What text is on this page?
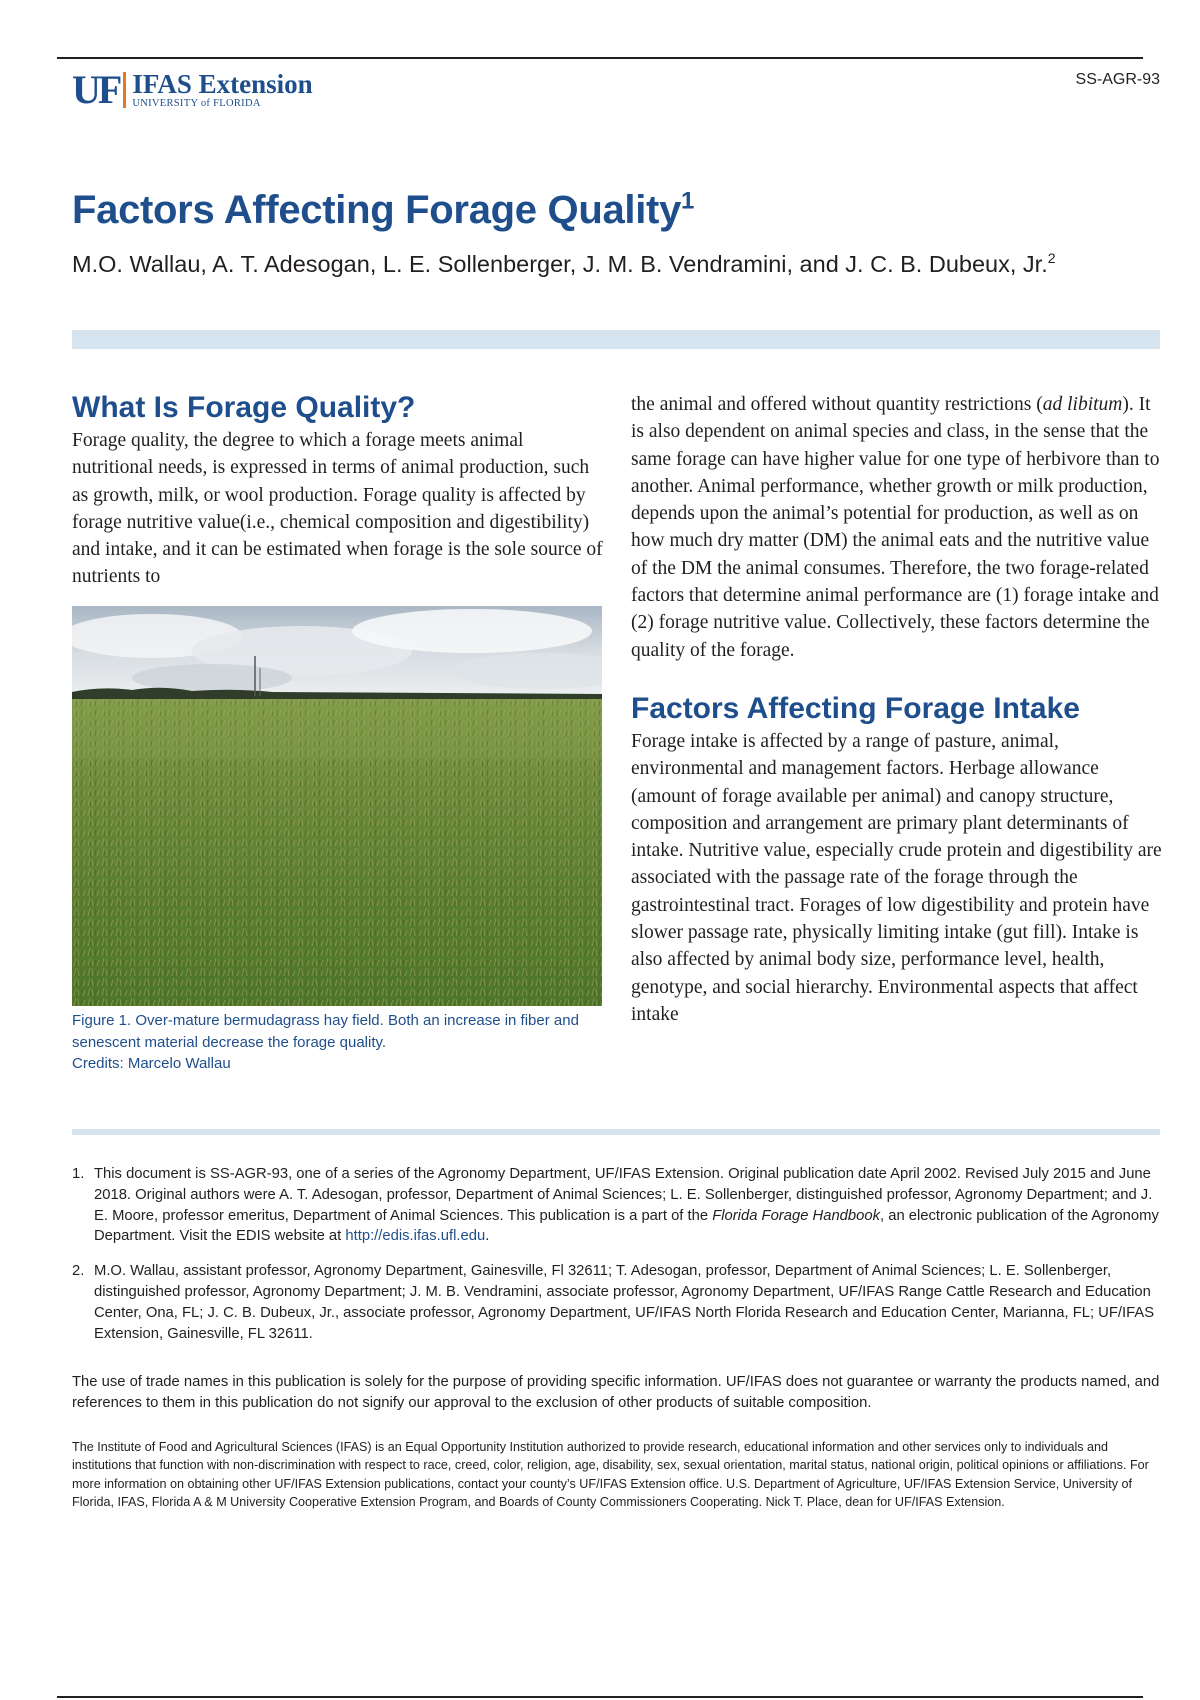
UF IFAS Extension
UNIVERSITY of FLORIDA
SS-AGR-93
Factors Affecting Forage Quality$^1$
M.O. Wallau, A. T. Adesogan, L. E. Sollenberger, J. M. B. Vendramini, and J. C. B. Dubeux, Jr.$^2$
What Is Forage Quality?

Forage quality, the degree to which a forage meets animal nutritional needs, is expressed in terms of animal production, such as growth, milk, or wool production. Forage quality is affected by forage nutritive value(i.e., chemical composition and digestibility) and intake, and it can be estimated when forage is the sole source of nutrients to

Figure 1. Over-mature bermudagrass hay field. Both an increase in fiber and senescent material decrease the forage quality.
Credits: Marcelo Wallau

the animal and offered without quantity restrictions (ad libitum). It is also dependent on animal species and class, in the sense that the same forage can have higher value for one type of herbivore than to another. Animal performance, whether growth or milk production, depends upon the animal’s potential for production, as well as on how much dry matter (DM) the animal eats and the nutritive value of the DM the animal consumes. Therefore, the two forage-related factors that determine animal performance are (1) forage intake and (2) forage nutritive value. Collectively, these factors determine the quality of the forage.

Factors Affecting Forage Intake

Forage intake is affected by a range of pasture, animal, environmental and management factors. Herbage allowance (amount of forage available per animal) and canopy structure, composition and arrangement are primary plant determinants of intake. Nutritive value, especially crude protein and digestibility are associated with the passage rate of the forage through the gastrointestinal tract. Forages of low digestibility and protein have slower passage rate, physically limiting intake (gut fill). Intake is also affected by animal body size, performance level, health, genotype, and social hierarchy. Environmental aspects that affect intake

1. This document is SS-AGR-93, one of a series of the Agronomy Department, UF/IFAS Extension. Original publication date April 2002. Revised July 2015 and June 2018. Original authors were A. T. Adesogan, professor, Department of Animal Sciences; L. E. Sollenberger, distinguished professor, Agronomy Department; and J. E. Moore, professor emeritus, Department of Animal Sciences. This publication is a part of the Florida Forage Handbook, an electronic publication of the Agronomy Department. Visit the EDIS website at http://edis.ifas.ufl.edu.
2. M.O. Wallau, assistant professor, Agronomy Department, Gainesville, Fl 32611; T. Adesogan, professor, Department of Animal Sciences; L. E. Sollenberger, distinguished professor, Agronomy Department; J. M. B. Vendramini, associate professor, Agronomy Department, UF/IFAS Range Cattle Research and Education Center, Ona, FL; J. C. B. Dubeux, Jr., associate professor, Agronomy Department, UF/IFAS North Florida Research and Education Center, Marianna, FL; UF/IFAS Extension, Gainesville, FL 32611.
The use of trade names in this publication is solely for the purpose of providing specific information. UF/IFAS does not guarantee or warranty the products named, and references to them in this publication do not signify our approval to the exclusion of other products of suitable composition.
The Institute of Food and Agricultural Sciences (IFAS) is an Equal Opportunity Institution authorized to provide research, educational information and other services only to individuals and institutions that function with non-discrimination with respect to race, creed, color, religion, age, disability, sex, sexual orientation, marital status, national origin, political opinions or affiliations. For more information on obtaining other UF/IFAS Extension publications, contact your county’s UF/IFAS Extension office. U.S. Department of Agriculture, UF/IFAS Extension Service, University of Florida, IFAS, Florida A & M University Cooperative Extension Program, and Boards of County Commissioners Cooperating. Nick T. Place, dean for UF/IFAS Extension.
